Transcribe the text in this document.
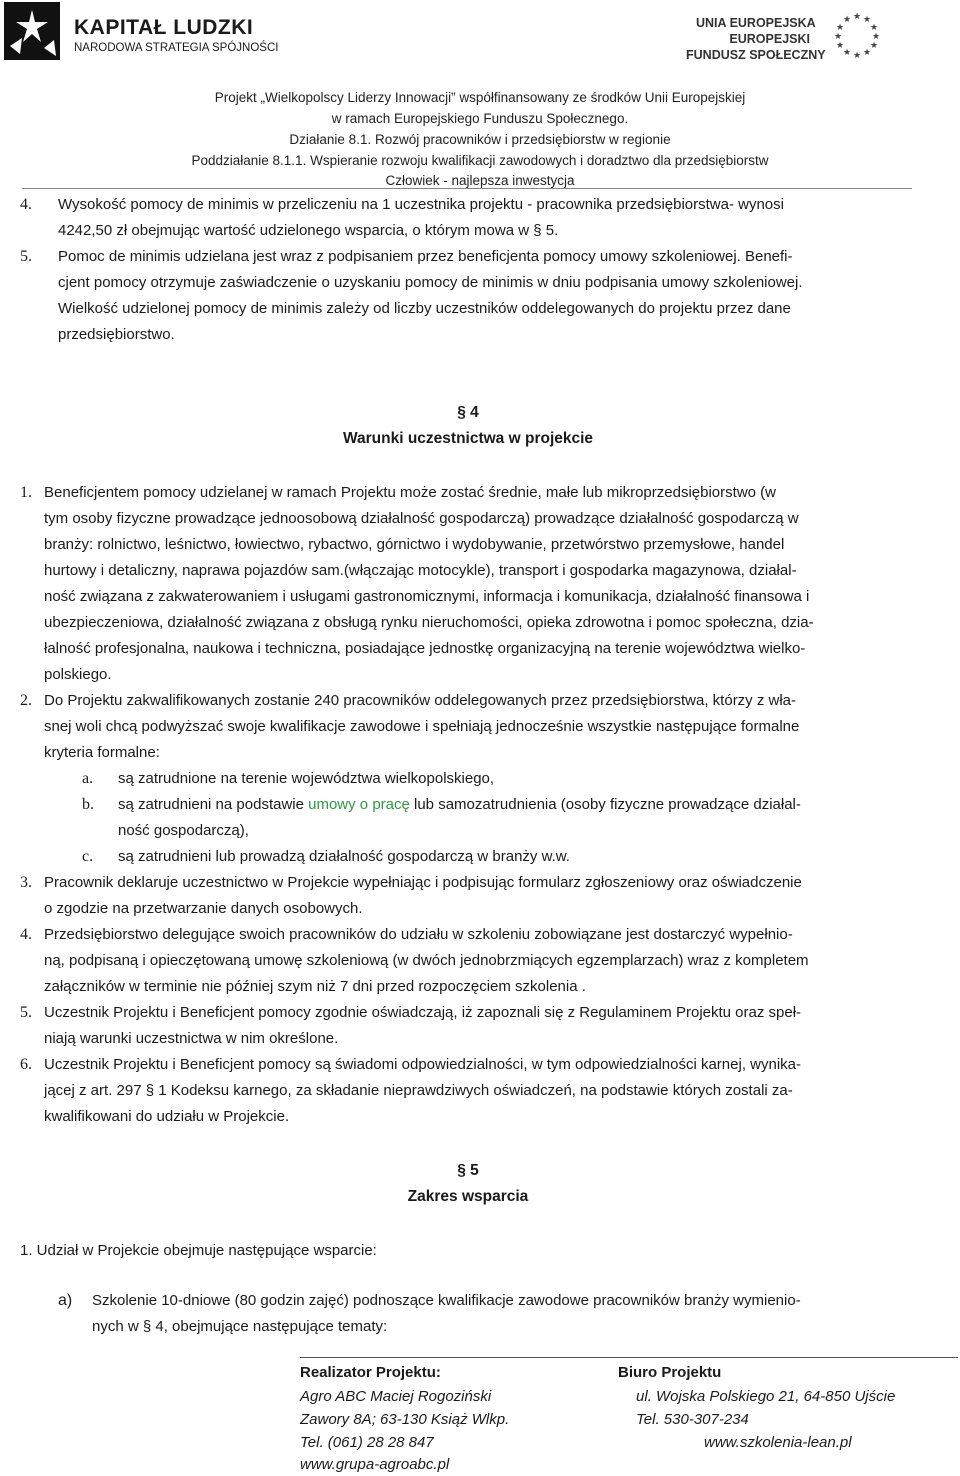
KAPITAŁ LUDZKI
NARODOWA STRATEGIA SPÓJNOŚCI
UNIA EUROPEJSKA
EUROPEJSKI
FUNDUSZ SPOŁECZNY
★ ★
★
★
★
★
★
★
★
★
★
★
Projekt „Wielkopolscy Liderzy Innowacji” współfinansowany ze środków Unii Europejskiej
w ramach Europejskiego Funduszu Społecznego.
Działanie 8.1. Rozwój pracowników i przedsiębiorstw w regionie
Poddziałanie 8.1.1. Wspieranie rozwoju kwalifikacji zawodowych i doradztwo dla przedsiębiorstw
Człowiek - najlepsza inwestycja
4. Wysokość pomocy de minimis w przeliczeniu na 1 uczestnika projektu - pracownika przedsiębiorstwa- wynosi
4242,50 zł obejmując wartość udzielonego wsparcia, o którym mowa w § 5.
5. Pomoc de minimis udzielana jest wraz z podpisaniem przez beneficjenta pomocy umowy szkoleniowej. Benefi-
cjent pomocy otrzymuje zaświadczenie o uzyskaniu pomocy de minimis w dniu podpisania umowy szkoleniowej.
Wielkość udzielonej pomocy de minimis zależy od liczby uczestników oddelegowanych do projektu przez dane
przedsiębiorstwo.
§ 4
Warunki uczestnictwa w projekcie
1. Beneficjentem pomocy udzielanej w ramach Projektu może zostać średnie, małe lub mikroprzedsiębiorstwo (w
tym osoby fizyczne prowadzące jednoosobową działalność gospodarczą) prowadzące działalność gospodarczą w
branży: rolnictwo, leśnictwo, łowiectwo, rybactwo, górnictwo i wydobywanie, przetwórstwo przemysłowe, handel
hurtowy i detaliczny, naprawa pojazdów sam.(włączając motocykle), transport i gospodarka magazynowa, działal-
ność związana z zakwaterowaniem i usługami gastronomicznymi, informacja i komunikacja, działalność finansowa i
ubezpieczeniowa, działalność związana z obsługą rynku nieruchomości, opieka zdrowotna i pomoc społeczna, dzia-
łalność profesjonalna, naukowa i techniczna, posiadające jednostkę organizacyjną na terenie województwa wielko-
polskiego.
2. Do Projektu zakwalifikowanych zostanie 240 pracowników oddelegowanych przez przedsiębiorstwa, którzy z wła-
snej woli chcą podwyższać swoje kwalifikacje zawodowe i spełniają jednocześnie wszystkie następujące formalne
kryteria formalne:
a. są zatrudnione na terenie województwa wielkopolskiego,
b. są zatrudnieni na podstawie umowy o pracę lub samozatrudnienia (osoby fizyczne prowadzące działal-
ność gospodarczą),
c. są zatrudnieni lub prowadzą działalność gospodarczą w branży w.w.
3. Pracownik deklaruje uczestnictwo w Projekcie wypełniając i podpisując formularz zgłoszeniowy oraz oświadczenie
o zgodzie na przetwarzanie danych osobowych.
4. Przedsiębiorstwo delegujące swoich pracowników do udziału w szkoleniu zobowiązane jest dostarczyć wypełnio-
ną, podpisaną i opieczętowaną umowę szkoleniową (w dwóch jednobrzmiących egzemplarzach) wraz z kompletem
załączników w terminie nie później szym niż 7 dni przed rozpoczęciem szkolenia .
5. Uczestnik Projektu i Beneficjent pomocy zgodnie oświadczają, iż zapoznali się z Regulaminem Projektu oraz speł-
niają warunki uczestnictwa w nim określone.
6. Uczestnik Projektu i Beneficjent pomocy są świadomi odpowiedzialności, w tym odpowiedzialności karnej, wynika-
jącej z art. 297 § 1 Kodeksu karnego, za składanie nieprawdziwych oświadczeń, na podstawie których zostali za-
kwalifikowani do udziału w Projekcie.
§ 5
Zakres wsparcia
1. Udział w Projekcie obejmuje następujące wsparcie:
a) Szkolenie 10-dniowe (80 godzin zajęć) podnoszące kwalifikacje zawodowe pracowników branży wymienio-
nych w § 4, obejmujące następujące tematy:
Realizator Projektu:
Agro ABC Maciej Rogoziński
Zawory 8A; 63-130 Książ Wlkp.
Tel. (061) 28 28 847
www.grupa-agroabc.pl
Biuro Projektu
ul. Wojska Polskiego 21, 64-850 Ujście
Tel. 530-307-234
www.szkolenia-lean.pl
